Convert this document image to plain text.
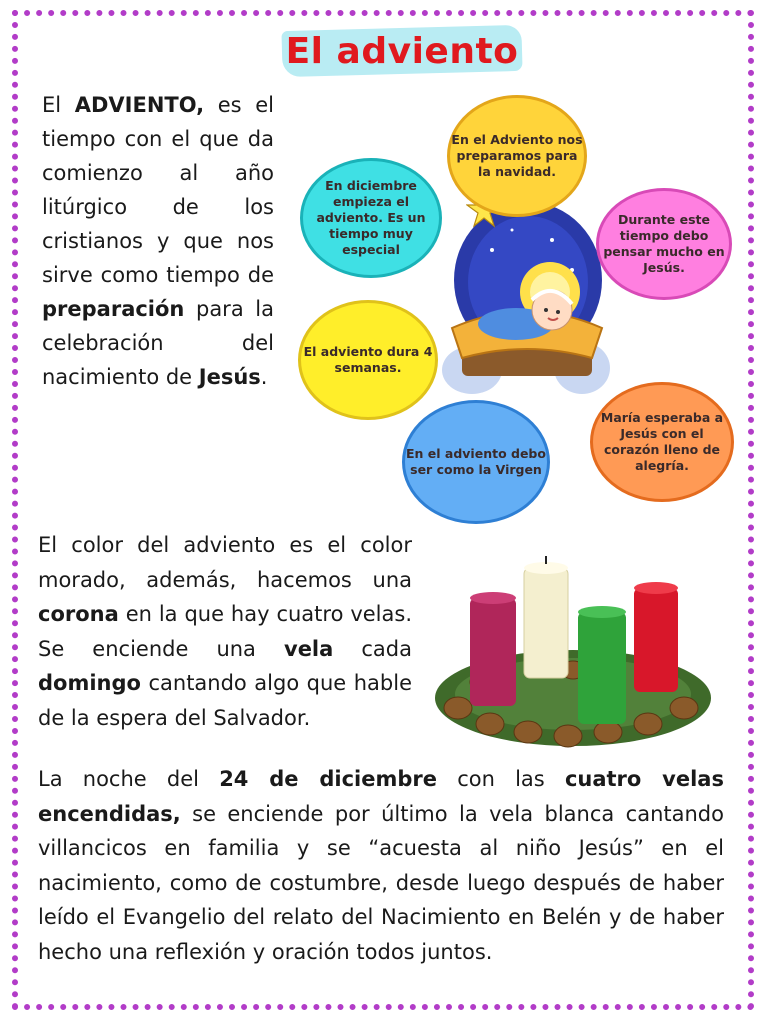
El adviento
El ADVIENTO, es el tiempo con el que da comienzo al año litúrgico de los cristianos y que nos sirve como tiempo de preparación para la celebración del nacimiento de Jesús.
En diciembre empieza el adviento. Es un tiempo muy especial
En el Adviento nos preparamos para la navidad.
Durante este tiempo debo pensar mucho en Jesús.
El adviento dura 4 semanas.
En el adviento debo ser como la Virgen
María esperaba a Jesús con el corazón lleno de alegría.
El color del adviento es el color morado, además, hacemos una corona en la que hay cuatro velas. Se enciende una vela cada domingo cantando algo que hable de la espera del Salvador.
La noche del 24 de diciembre con las cuatro velas encendidas, se enciende por último la vela blanca cantando villancicos en familia y se “acuesta al niño Jesús” en el nacimiento, como de costumbre, desde luego después de haber leído el Evangelio del relato del Nacimiento en Belén y de haber hecho una reflexión y oración todos juntos.
